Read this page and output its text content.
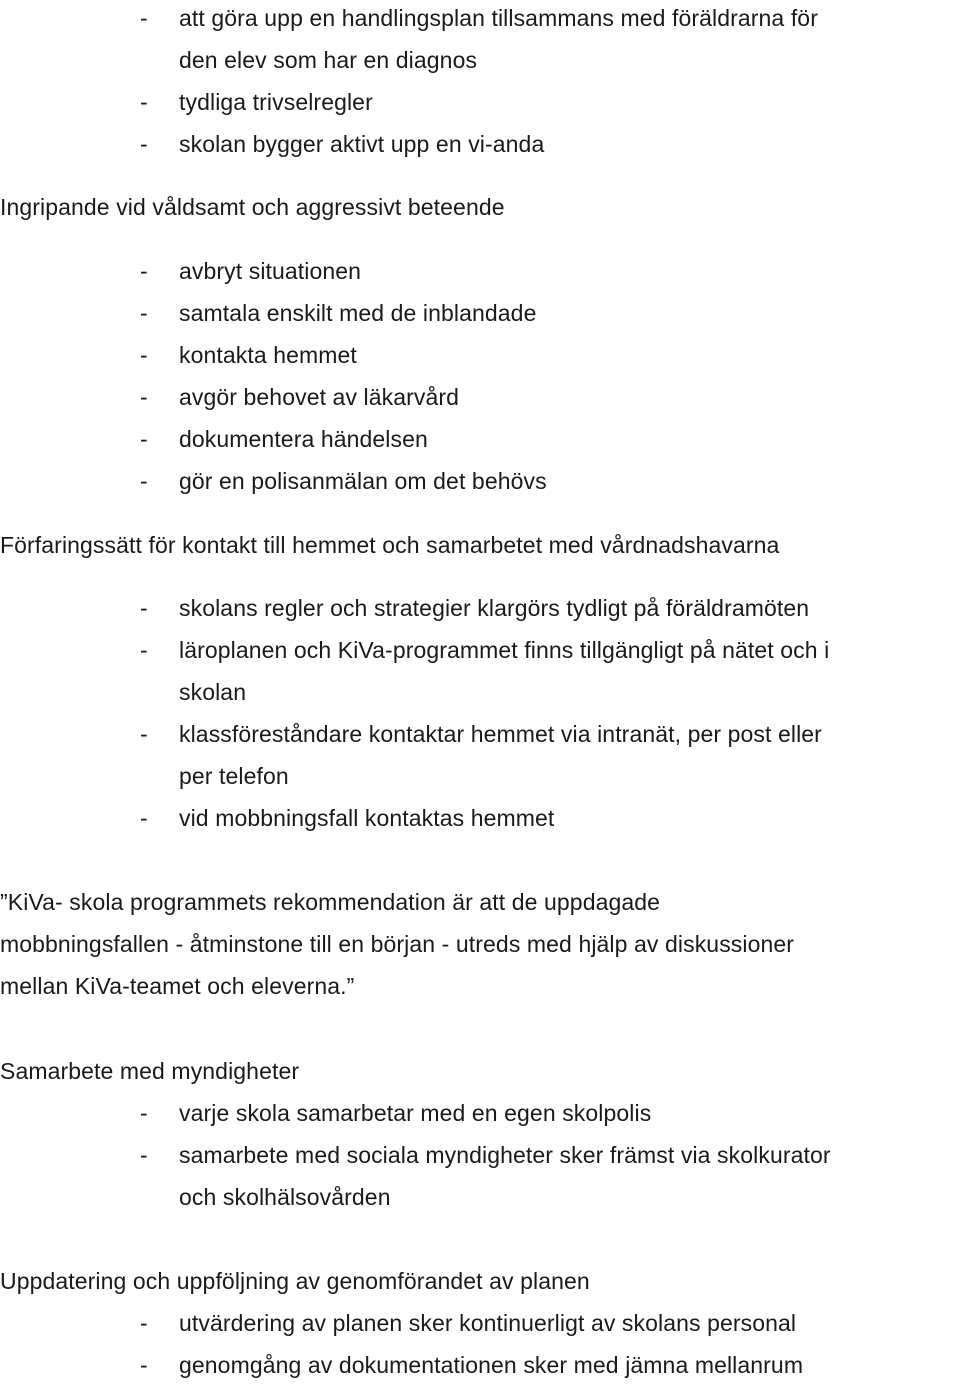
- att göra upp en handlingsplan tillsammans med föräldrarna för
den elev som har en diagnos
- tydliga trivselregler
- skolan bygger aktivt upp en vi-anda
Ingripande vid våldsamt och aggressivt beteende
- avbryt situationen
- samtala enskilt med de inblandade
- kontakta hemmet
- avgör behovet av läkarvård
- dokumentera händelsen
- gör en polisanmälan om det behövs
Förfaringssätt för kontakt till hemmet och samarbetet med vårdnadshavarna
- skolans regler och strategier klargörs tydligt på föräldramöten
- läroplanen och KiVa-programmet finns tillgängligt på nätet och i
skolan
- klassföreståndare kontaktar hemmet via intranät, per post eller
per telefon
- vid mobbningsfall kontaktas hemmet
”KiVa- skola programmets rekommendation är att de uppdagade
mobbningsfallen - åtminstone till en början - utreds med hjälp av diskussioner
mellan KiVa-teamet och eleverna.”
Samarbete med myndigheter
- varje skola samarbetar med en egen skolpolis
- samarbete med sociala myndigheter sker främst via skolkurator
och skolhälsovården
Uppdatering och uppföljning av genomförandet av planen
- utvärdering av planen sker kontinuerligt av skolans personal
- genomgång av dokumentationen sker med jämna mellanrum
